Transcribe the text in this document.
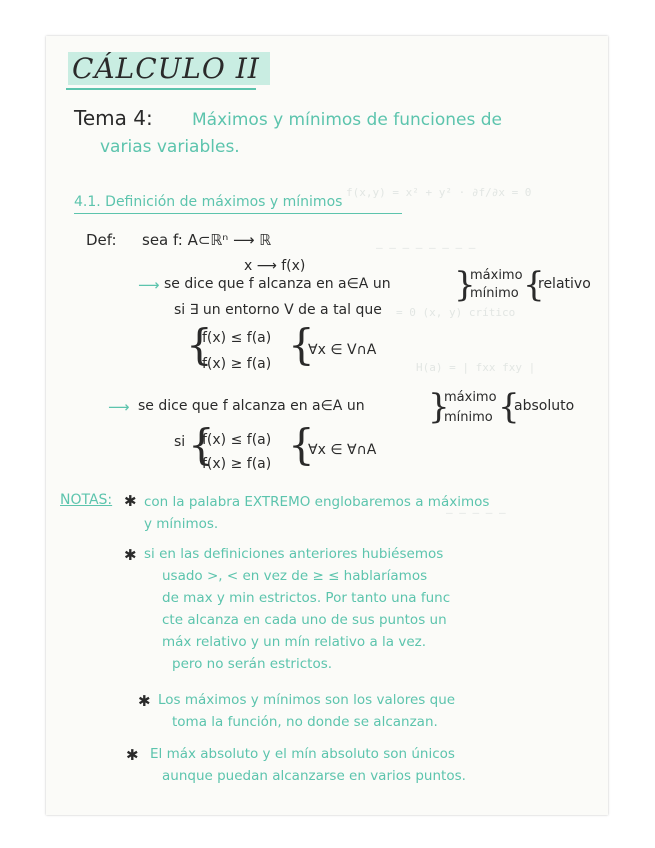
f(x,y) = x² + y² · ∂f/∂x = 0
— — — — — — — —
= 0 (x, y) crítico
H(a) = | fxx fxy |
— — — — —
CÁLCULO II
Tema 4: Máximos y mínimos de funciones de
varias variables.
4.1. Definición de máximos y mínimos
Def: sea f: A⊂ℝⁿ ⟶ ℝ
x ⟶ f(x)
⟶ se dice que f alcanza en a∈A un }
máximo
mínimo {
relativo
si ∃ un entorno V de a tal que
{
f(x) ≤ f(a)
f(x) ≥ f(a) {
∀x ∈ V∩A
⟶ se dice que f alcanza en a∈A un }
máximo
mínimo {
absoluto
si {
f(x) ≤ f(a)
f(x) ≥ f(a) {
∀x ∈ ∀∩A
NOTAS: ✱ con la palabra EXTREMO englobaremos a máximos
y mínimos.
✱ si en las definiciones anteriores hubiésemos
usado >, < en vez de ≥ ≤ hablaríamos
de max y min estrictos. Por tanto una func
cte alcanza en cada uno de sus puntos un
máx relativo y un mín relativo a la vez.
pero no serán estrictos.
✱ Los máximos y mínimos son los valores que
toma la función, no donde se alcanzan.
✱ El máx absoluto y el mín absoluto son únicos
aunque puedan alcanzarse en varios puntos.
